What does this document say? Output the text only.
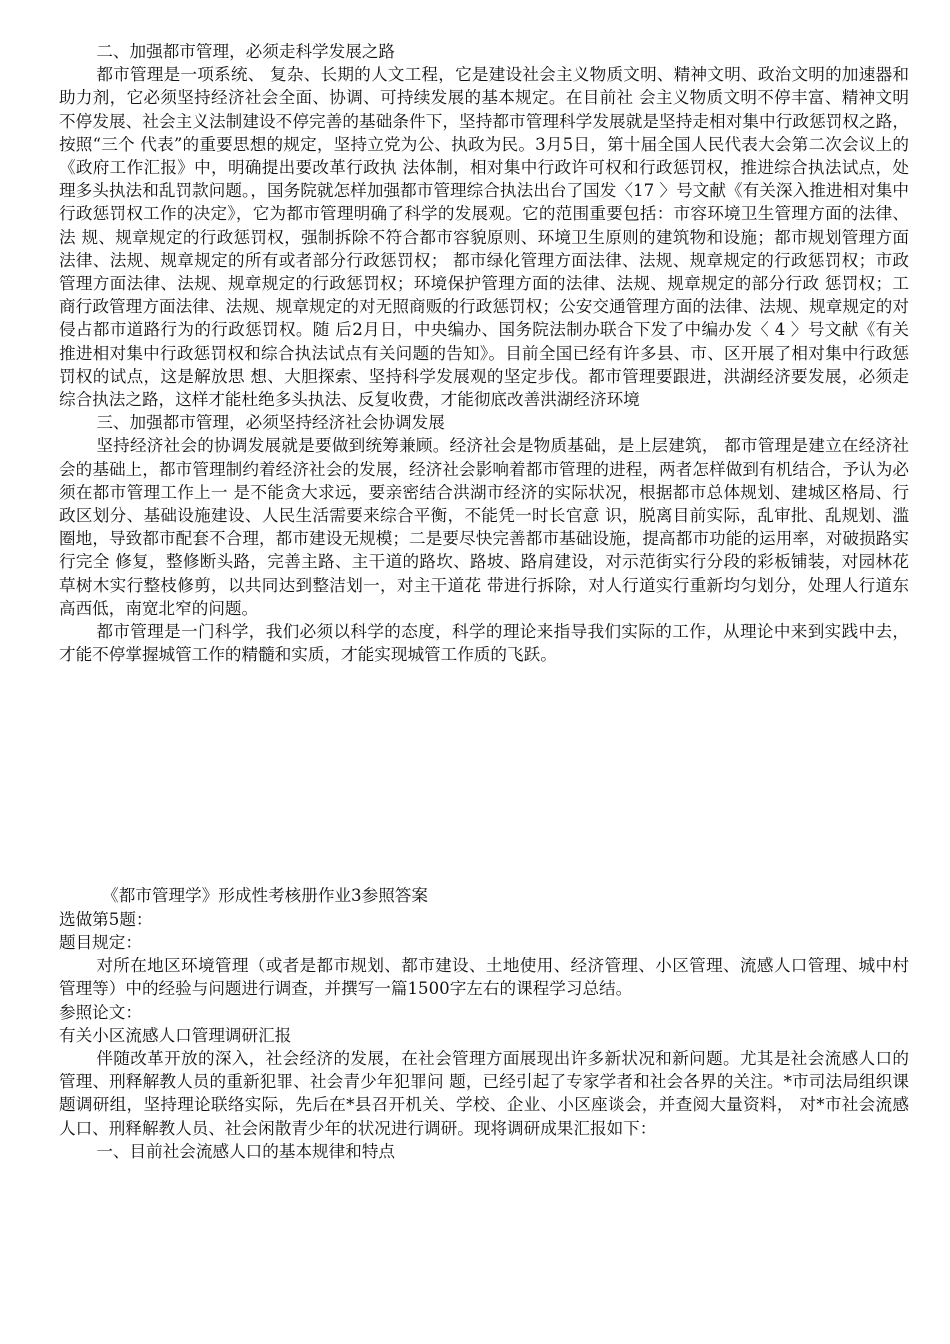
二、加强都市管理，必须走科学发展之路

都市管理是一项系统、 复杂、长期的人文工程，它是建设社会主义物质文明、精神文明、政治文明的加速器和助力剂，它必须坚持经济社会全面、协调、可持续发展的基本规定。在目前社 会主义物质文明不停丰富、精神文明不停发展、社会主义法制建设不停完善的基础条件下，坚持都市管理科学发展就是坚持走相对集中行政惩罚权之路，按照“三个 代表”的重要思想的规定，坚持立党为公、执政为民。3月5日，第十届全国人民代表大会第二次会议上的《政府工作汇报》中，明确提出要改革行政执 法体制，相对集中行政许可权和行政惩罚权，推进综合执法试点，处理多头执法和乱罚款问题。，国务院就怎样加强都市管理综合执法出台了国发〈17 〉号文献《有关深入推进相对集中行政惩罚权工作的决定》，它为都市管理明确了科学的发展观。它的范围重要包括：市容环境卫生管理方面的法律、法 规、规章规定的行政惩罚权，强制拆除不符合都市容貌原则、环境卫生原则的建筑物和设施；都市规划管理方面法律、法规、规章规定的所有或者部分行政惩罚权； 都市绿化管理方面法律、法规、规章规定的行政惩罚权；市政管理方面法律、法规、规章规定的行政惩罚权；环境保护管理方面的法律、法规、规章规定的部分行政 惩罚权；工商行政管理方面法律、法规、规章规定的对无照商贩的行政惩罚权；公安交通管理方面的法律、法规、规章规定的对侵占都市道路行为的行政惩罚权。随 后2月日，中央编办、国务院法制办联合下发了中编办发〈 4 〉号文献《有关推进相对集中行政惩罚权和综合执法试点有关问题的告知》。目前全国已经有许多县、市、区开展了相对集中行政惩罚权的试点，这是解放思 想、大胆探索、坚持科学发展观的坚定步伐。都市管理要跟进，洪湖经济要发展，必须走综合执法之路，这样才能杜绝多头执法、反复收费，才能彻底改善洪湖经济环境

三、加强都市管理，必须坚持经济社会协调发展

坚持经济社会的协调发展就是要做到统筹兼顾。经济社会是物质基础，是上层建筑， 都市管理是建立在经济社会的基础上，都市管理制约着经济社会的发展，经济社会影响着都市管理的进程，两者怎样做到有机结合，予认为必须在都市管理工作上一 是不能贪大求远，要亲密结合洪湖市经济的实际状况，根据都市总体规划、建城区格局、行政区划分、基础设施建设、人民生活需要来综合平衡，不能凭一时长官意 识，脱离目前实际，乱审批、乱规划、滥圈地，导致都市配套不合理，都市建设无规模；二是要尽快完善都市基础设施，提高都市功能的运用率，对破损路实行完全 修复，整修断头路，完善主路、主干道的路坎、路坡、路肩建设，对示范街实行分段的彩板铺装，对园林花草树木实行整枝修剪，以共同达到整洁划一，对主干道花 带进行拆除，对人行道实行重新均匀划分，处理人行道东高西低，南宽北窄的问题。

都市管理是一门科学，我们必须以科学的态度，科学的理论来指导我们实际的工作，从理论中来到实践中去，才能不停掌握城管工作的精髓和实质，才能实现城管工作质的飞跃。

《都市管理学》形成性考核册作业3参照答案

选做第5题：

题目规定：

对所在地区环境管理（或者是都市规划、都市建设、土地使用、经济管理、小区管理、流感人口管理、城中村管理等）中的经验与问题进行调查，并撰写一篇1500字左右的课程学习总结。

参照论文：

有关小区流感人口管理调研汇报

伴随改革开放的深入，社会经济的发展，在社会管理方面展现出许多新状况和新问题。尤其是社会流感人口的管理、刑释解教人员的重新犯罪、社会青少年犯罪问 题，已经引起了专家学者和社会各界的关注。*市司法局组织课题调研组，坚持理论联络实际，先后在*县召开机关、学校、企业、小区座谈会，并查阅大量资料， 对*市社会流感人口、刑释解教人员、社会闲散青少年的状况进行调研。现将调研成果汇报如下：

一、目前社会流感人口的基本规律和特点
